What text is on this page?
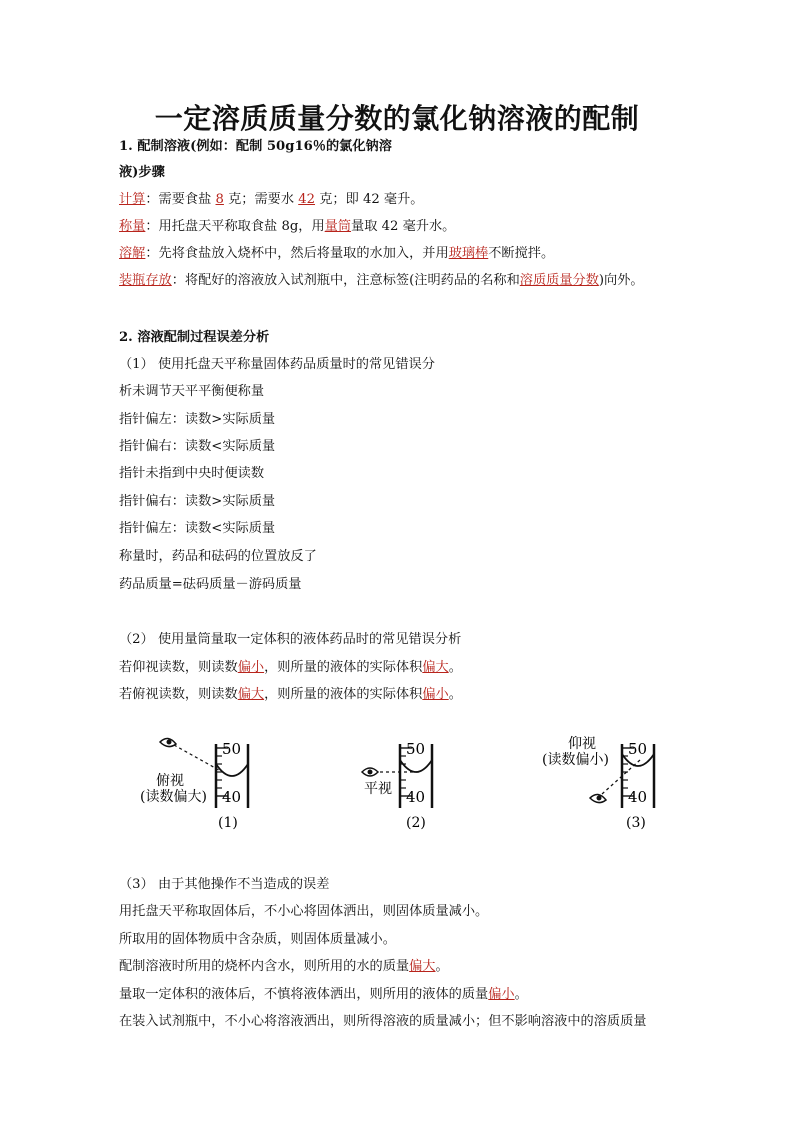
一定溶质质量分数的氯化钠溶液的配制
1. 配制溶液(例如：配制 50g16％的氯化钠溶
液)步骤
计算：需要食盐 8 克；需要水 42 克；即 42 毫升。
称量：用托盘天平称取食盐 8g，用量筒量取 42 毫升水。
溶解：先将食盐放入烧杯中，然后将量取的水加入，并用玻璃棒不断搅拌。
装瓶存放：将配好的溶液放入试剂瓶中，注意标签(注明药品的名称和溶质质量分数)向外。
2. 溶液配制过程误差分析
（1） 使用托盘天平称量固体药品质量时的常见错误分
析未调节天平平衡便称量
指针偏左：读数>实际质量
指针偏右：读数<实际质量
指针未指到中央时便读数
指针偏右：读数>实际质量
指针偏左：读数<实际质量
称量时，药品和砝码的位置放反了
药品质量=砝码质量－游码质量
（2） 使用量筒量取一定体积的液体药品时的常见错误分析
若仰视读数，则读数偏小，则所量的液体的实际体积偏大。
若俯视读数，则读数偏大，则所量的液体的实际体积偏小。
50
40
俯视
(读数偏大)
(1)
50
40
平视
(2)
仰视
(读数偏小)
50
40
(3)
（3） 由于其他操作不当造成的误差
用托盘天平称取固体后，不小心将固体洒出，则固体质量减小。
所取用的固体物质中含杂质，则固体质量减小。
配制溶液时所用的烧杯内含水，则所用的水的质量偏大。
量取一定体积的液体后，不慎将液体洒出，则所用的液体的质量偏小。
在装入试剂瓶中，不小心将溶液洒出，则所得溶液的质量减小；但不影响溶液中的溶质质量
